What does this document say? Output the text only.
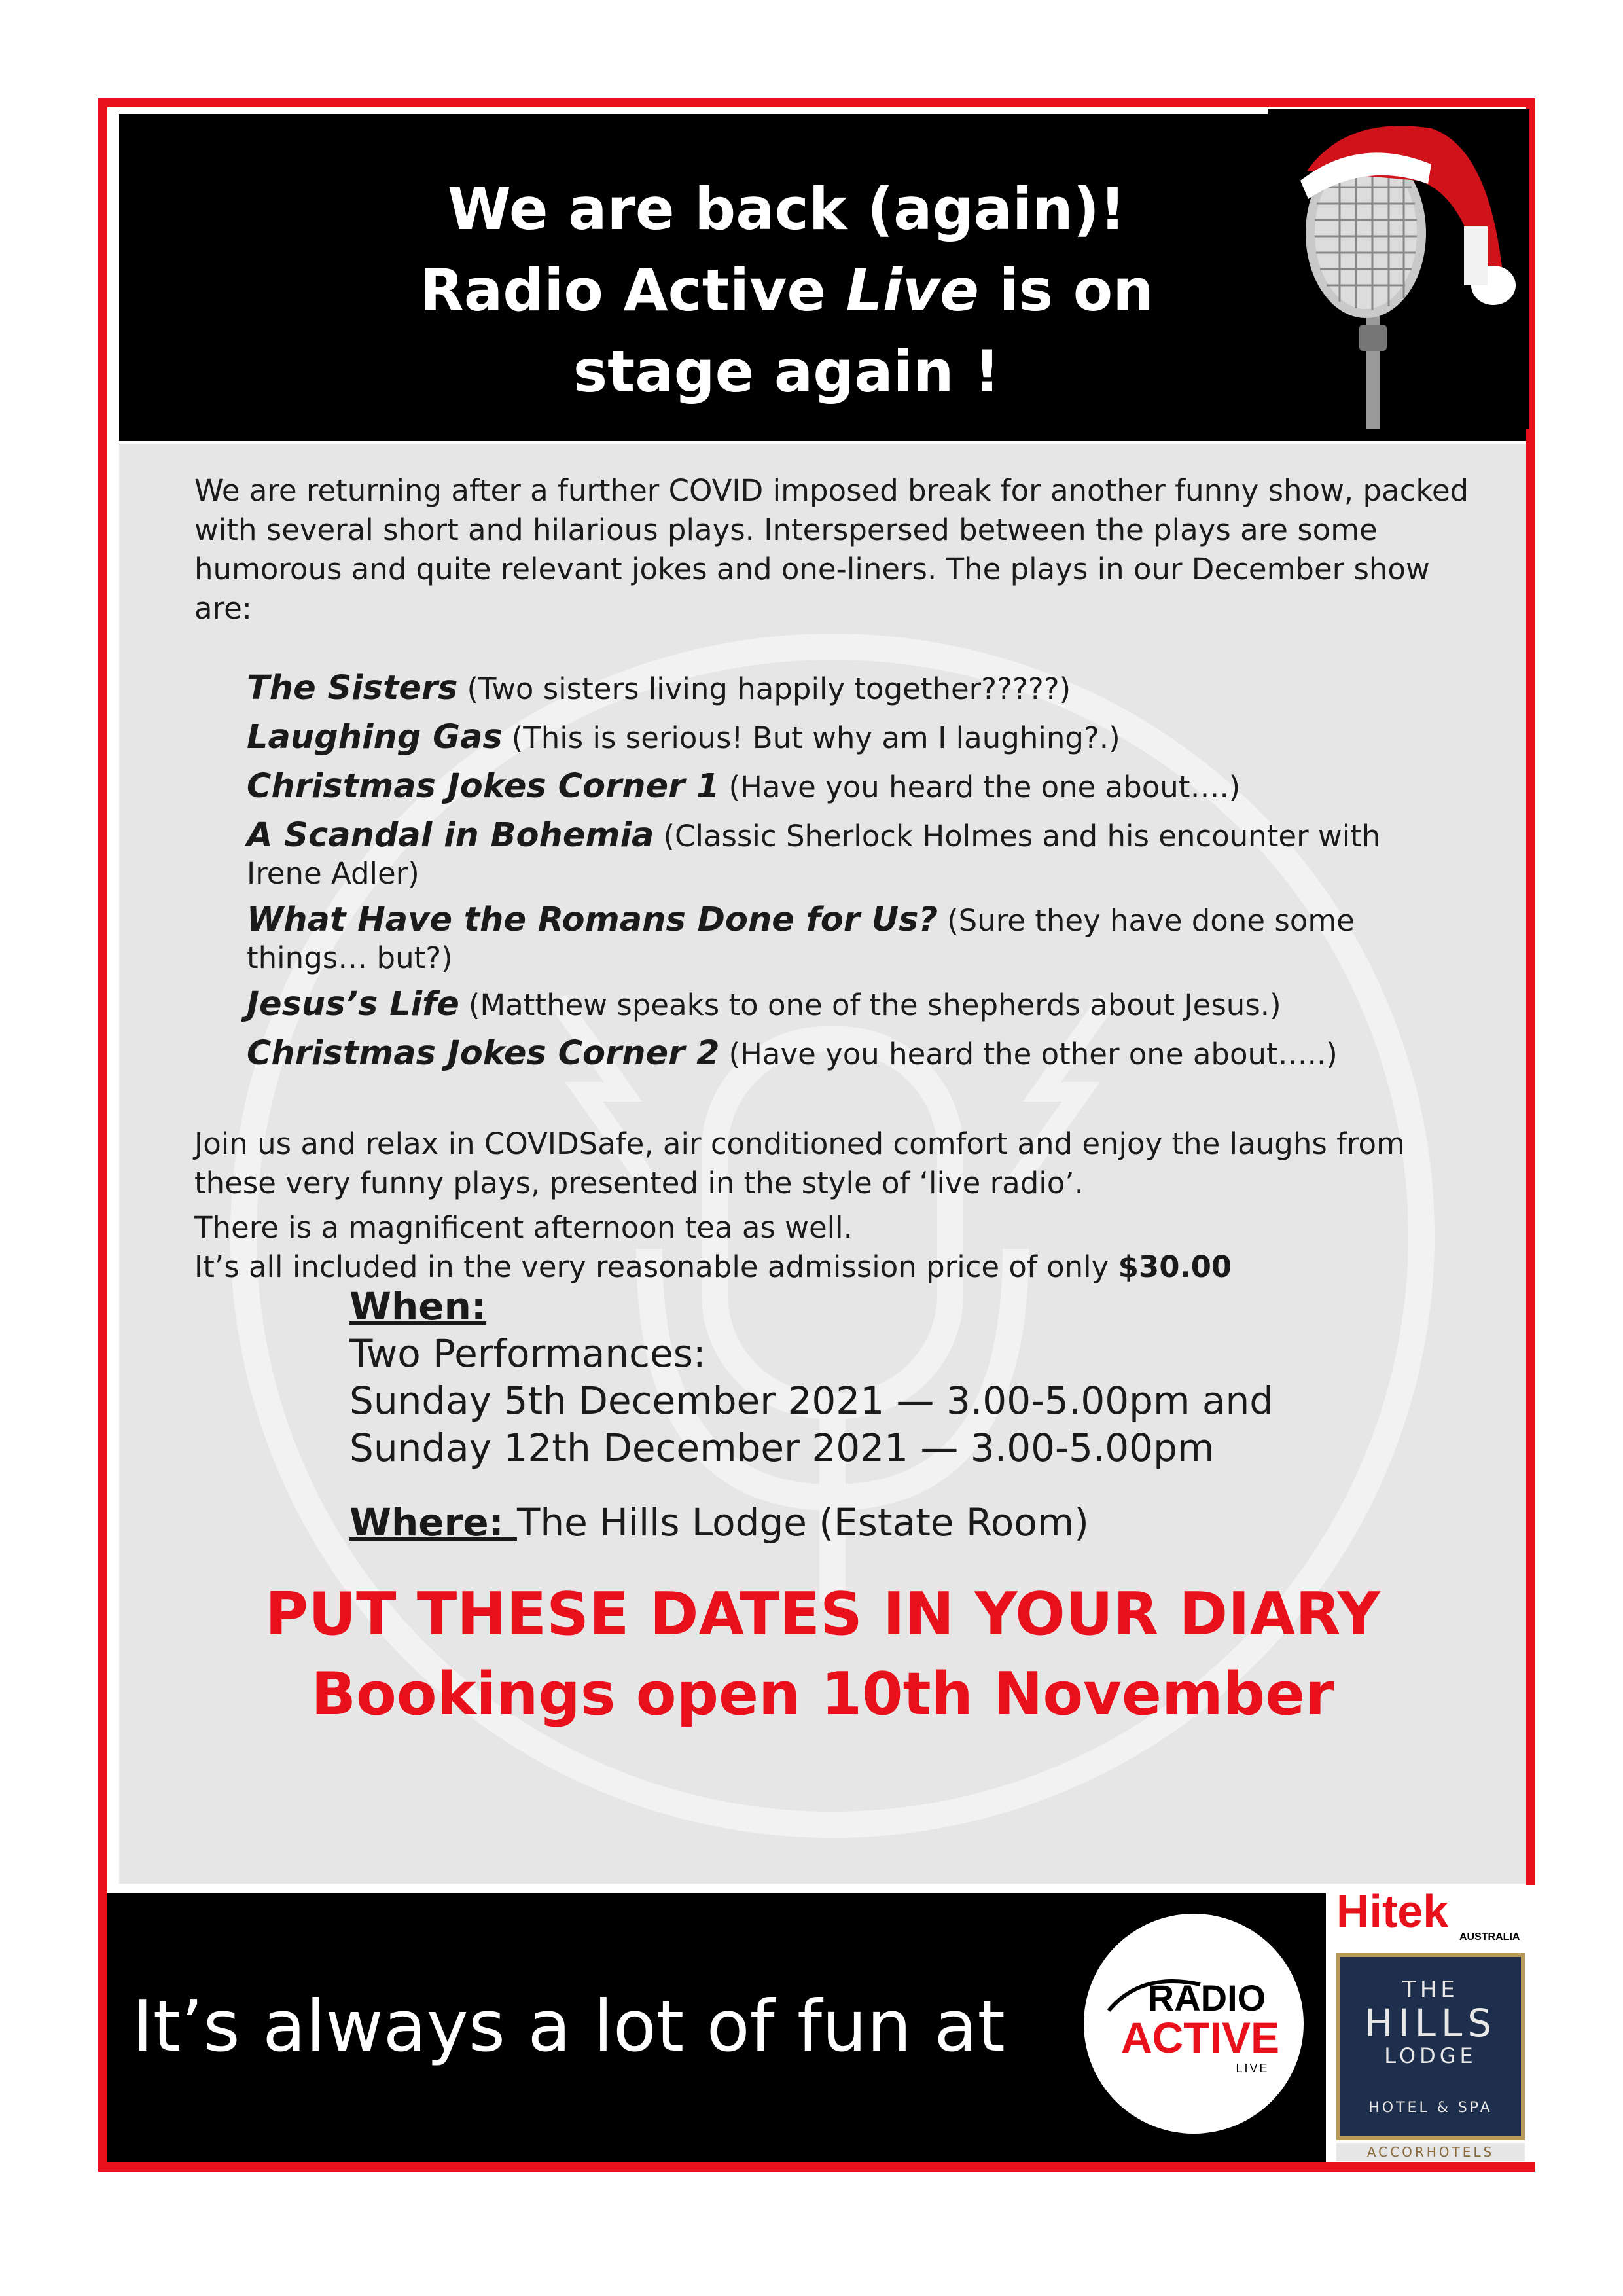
We are back (again)!
Radio Active Live is on
stage again !

We are returning after a further COVID imposed break for another funny show, packed with several short and hilarious plays. Interspersed between the plays are some humorous and quite relevant jokes and one-liners. The plays in our December show are:

The Sisters (Two sisters living happily together?????)
Laughing Gas (This is serious! But why am I laughing?.)
Christmas Jokes Corner 1 (Have you heard the one about….)
A Scandal in Bohemia (Classic Sherlock Holmes and his encounter with
Irene Adler)
What Have the Romans Done for Us? (Sure they have done some
things… but?)
Jesus’s Life (Matthew speaks to one of the shepherds about Jesus.)
Christmas Jokes Corner 2 (Have you heard the other one about…..)

Join us and relax in COVIDSafe, air conditioned comfort and enjoy the laughs from these very funny plays, presented in the style of ‘live radio’.

There is a magnificent afternoon tea as well.
It’s all included in the very reasonable admission price of only $30.00
When:
Two Performances:
Sunday 5th December 2021 — 3.00-5.00pm and
Sunday 12th December 2021 — 3.00-5.00pm
Where: The Hills Lodge (Estate Room)
PUT THESE DATES IN YOUR DIARY
Bookings open 10th November
It’s always a lot of fun at	RADIO
ACTIVE
LIVE
Hitek
AUSTRALIA
THE
HILLS
LODGE
HOTEL & SPA
ACCORHOTELS
